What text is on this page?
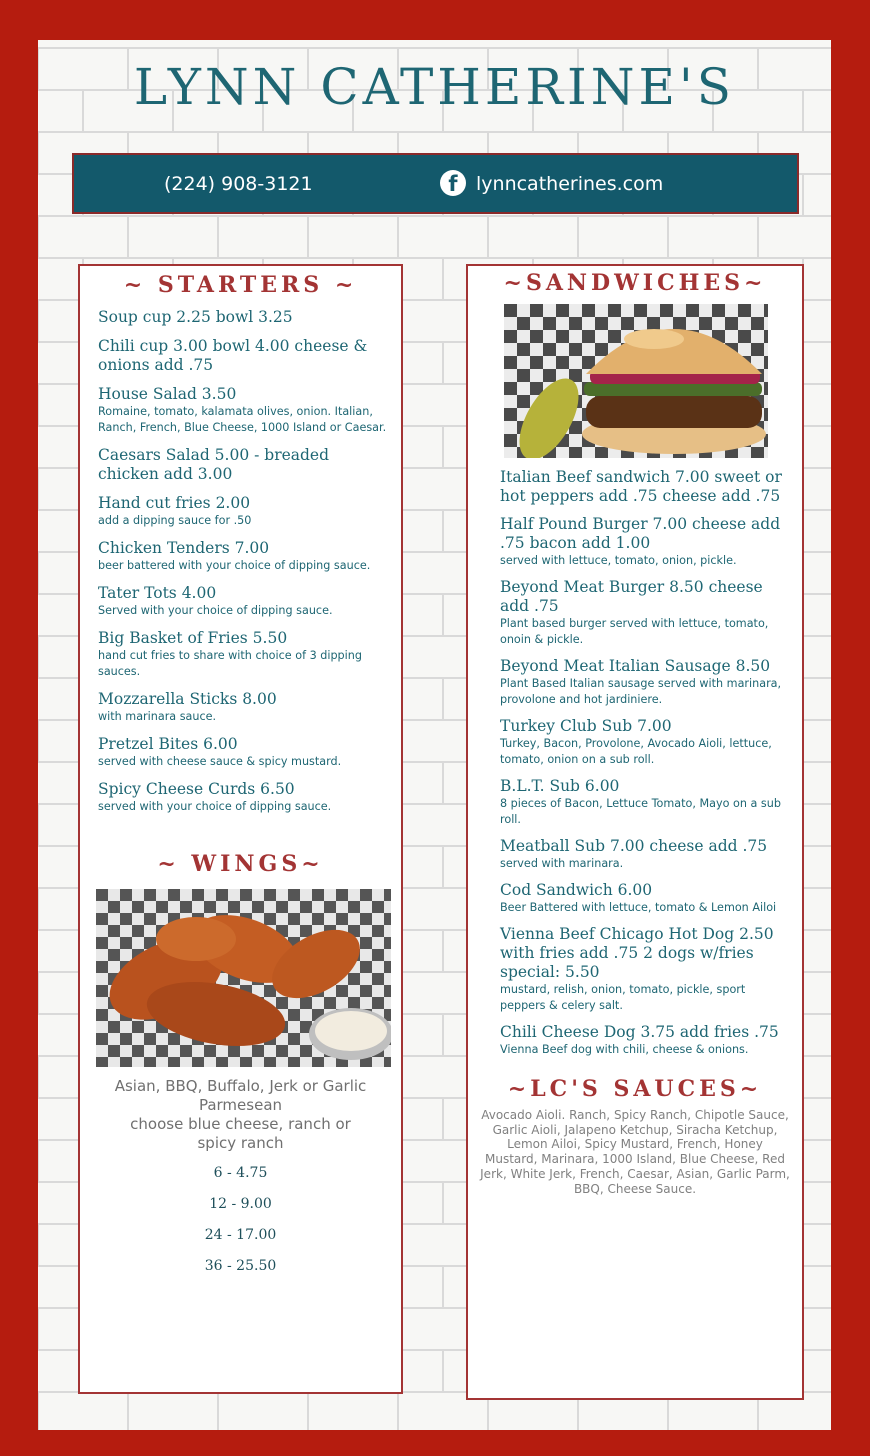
LYNN CATHERINE'S
(224) 908-3121	f lynncatherines.com
~ STARTERS ~
Soup cup 2.25 bowl 3.25
Chili cup 3.00 bowl 4.00 cheese & onions add .75
House Salad 3.50
Romaine, tomato, kalamata olives, onion. Italian, Ranch, French, Blue Cheese, 1000 Island or Caesar.
Caesars Salad 5.00 - breaded chicken add 3.00
Hand cut fries 2.00
add a dipping sauce for .50
Chicken Tenders 7.00
beer battered with your choice of dipping sauce.
Tater Tots 4.00
Served with your choice of dipping sauce.
Big Basket of Fries 5.50
hand cut fries to share with choice of 3 dipping sauces.
Mozzarella Sticks 8.00
with marinara sauce.
Pretzel Bites 6.00
served with cheese sauce & spicy mustard.
Spicy Cheese Curds 6.50
served with your choice of dipping sauce.
~ WINGS~
Asian, BBQ, Buffalo, Jerk or Garlic Parmesean
choose blue cheese, ranch or spicy ranch
6 - 4.75
12 - 9.00
24 - 17.00
36 - 25.50
~SANDWICHES~
Italian Beef sandwich 7.00 sweet or hot peppers add .75 cheese add .75
Half Pound Burger 7.00 cheese add .75 bacon add 1.00
served with lettuce, tomato, onion, pickle.
Beyond Meat Burger 8.50 cheese add .75
Plant based burger served with lettuce, tomato, onoin & pickle.
Beyond Meat Italian Sausage 8.50
Plant Based Italian sausage served with marinara, provolone and hot jardiniere.
Turkey Club Sub 7.00
Turkey, Bacon, Provolone, Avocado Aioli, lettuce, tomato, onion on a sub roll.
B.L.T. Sub 6.00
8 pieces of Bacon, Lettuce Tomato, Mayo on a sub roll.
Meatball Sub 7.00 cheese add .75
served with marinara.
Cod Sandwich 6.00
Beer Battered with lettuce, tomato & Lemon Ailoi
Vienna Beef Chicago Hot Dog 2.50 with fries add .75 2 dogs w/fries special: 5.50
mustard, relish, onion, tomato, pickle, sport peppers & celery salt.
Chili Cheese Dog 3.75 add fries .75
Vienna Beef dog with chili, cheese & onions.
~LC'S SAUCES~
Avocado Aioli. Ranch, Spicy Ranch, Chipotle Sauce, Garlic Aioli, Jalapeno Ketchup, Siracha Ketchup, Lemon Ailoi, Spicy Mustard, French, Honey Mustard, Marinara, 1000 Island, Blue Cheese, Red Jerk, White Jerk, French, Caesar, Asian, Garlic Parm, BBQ, Cheese Sauce.
